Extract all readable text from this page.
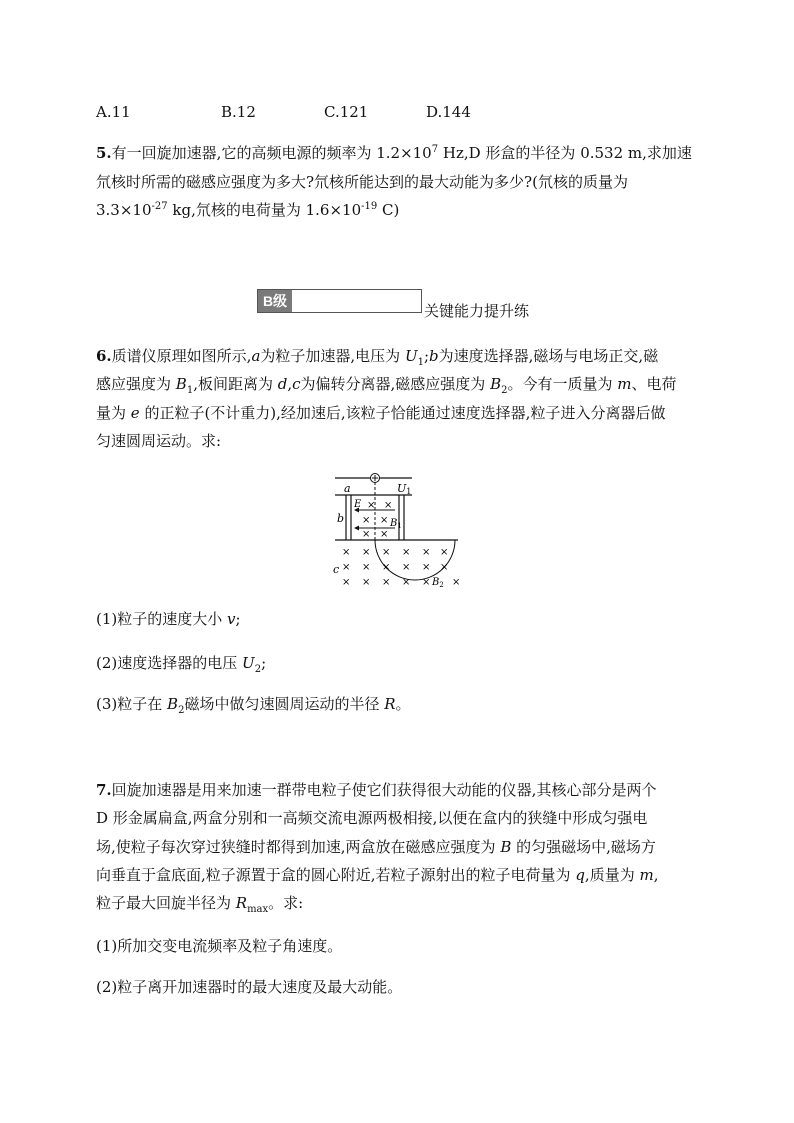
A.11	B.12	C.121	D.144
5.有一回旋加速器,它的高频电源的频率为 $1.2\times 10^7$ Hz,D 形盒的半径为 0.532 m,求加速
氘核时所需的磁感应强度为多大?氘核所能达到的最大动能为多少?(氘核的质量为
$3.3\times 10^{-27}$ kg,氘核的电荷量为 $1.6\times 10^{-19}$ C)
B级
关键能力提升练
6.质谱仪原理如图所示,a为粒子加速器,电压为 $U_1;b$为速度选择器,磁场与电场正交,磁
感应强度为 $B_1$,板间距离为 d,c为偏转分离器,磁感应强度为 $B_2$。今有一质量为 m、电荷
量为 e 的正粒子(不计重力),经加速后,该粒子恰能通过速度选择器,粒子进入分离器后做
匀速圆周运动。求:
a	U1
b
E
$B_1$
c
$B_2$
× ×
× ×
× ×
× × × × × ×
× × × × × ×
× × × × × ×
(1)粒子的速度大小 v;
(2)速度选择器的电压 $U_2$;
(3)粒子在 $B_2$磁场中做匀速圆周运动的半径 R。
7.回旋加速器是用来加速一群带电粒子使它们获得很大动能的仪器,其核心部分是两个
D 形金属扁盒,两盒分别和一高频交流电源两极相接,以便在盒内的狭缝中形成匀强电
场,使粒子每次穿过狭缝时都得到加速,两盒放在磁感应强度为 B 的匀强磁场中,磁场方
向垂直于盒底面,粒子源置于盒的圆心附近,若粒子源射出的粒子电荷量为 q,质量为 m,
粒子最大回旋半径为 $R_{max}$。求:
(1)所加交变电流频率及粒子角速度。
(2)粒子离开加速器时的最大速度及最大动能。
